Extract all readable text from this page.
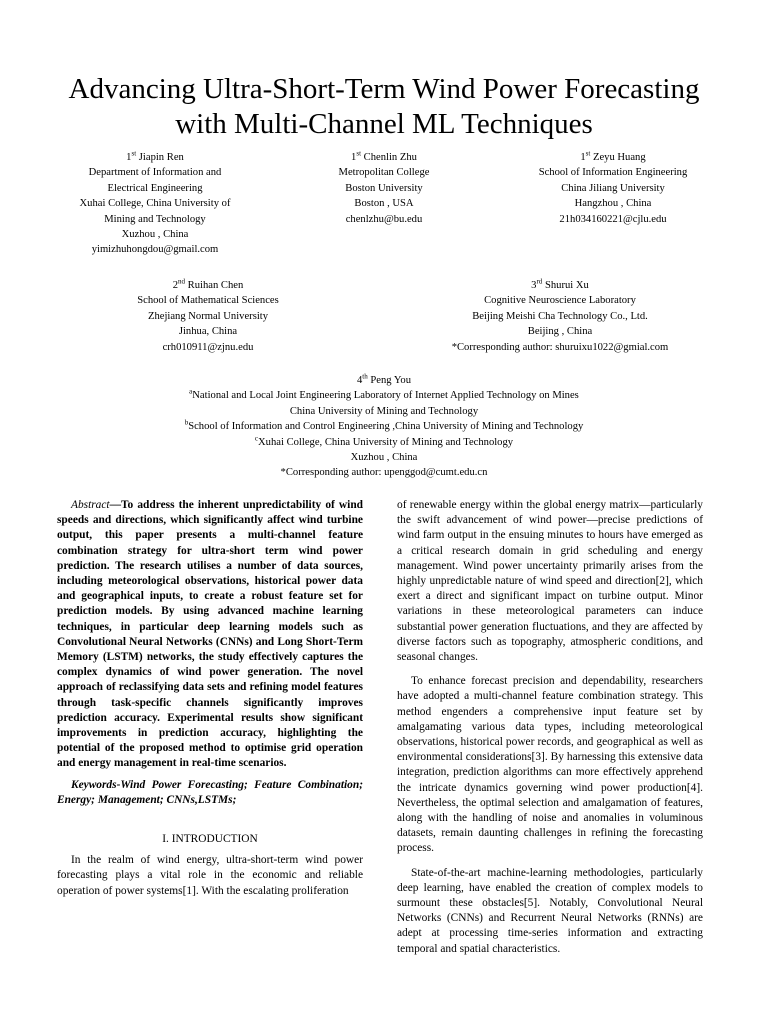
Advancing Ultra-Short-Term Wind Power Forecasting
with Multi-Channel ML Techniques
1st Jiapin Ren
Department of Information and
Electrical Engineering
Xuhai College, China University of
Mining and Technology
Xuzhou , China
yimizhuhongdou@gmail.com
1st Chenlin Zhu
Metropolitan College
Boston University
Boston , USA
chenlzhu@bu.edu
1st Zeyu Huang
School of Information Engineering
China Jiliang University
Hangzhou , China
21h034160221@cjlu.edu
2nd Ruihan Chen
School of Mathematical Sciences
Zhejiang Normal University
Jinhua, China
crh010911@zjnu.edu
3rd Shurui Xu
Cognitive Neuroscience Laboratory
Beijing Meishi Cha Technology Co., Ltd.
Beijing , China
*Corresponding author: shuruixu1022@gmial.com
4th Peng You
$^a$National and Local Joint Engineering Laboratory of Internet Applied Technology on Mines
China University of Mining and Technology
$^b$School of Information and Control Engineering ,China University of Mining and Technology
$^c$Xuhai College, China University of Mining and Technology
Xuzhou , China
*Corresponding author: upenggod@cumt.edu.cn

Abstract—To address the inherent unpredictability of wind speeds and directions, which significantly affect wind turbine output, this paper presents a multi-channel feature combination strategy for ultra-short term wind power prediction. The research utilises a number of data sources, including meteorological observations, historical power data and geographical inputs, to create a robust feature set for prediction models. By using advanced machine learning techniques, in particular deep learning models such as Convolutional Neural Networks (CNNs) and Long Short-Term Memory (LSTM) networks, the study effectively captures the complex dynamics of wind power generation. The novel approach of reclassifying data sets and refining model features through task-specific channels significantly improves prediction accuracy. Experimental results show significant improvements in prediction accuracy, highlighting the potential of the proposed method to optimise grid operation and energy management in real-time scenarios.

Keywords-Wind Power Forecasting; Feature Combination; Energy; Management; CNNs,LSTMs;

I. INTRODUCTION

In the realm of wind energy, ultra-short-term wind power forecasting plays a vital role in the economic and reliable operation of power systems[1]. With the escalating proliferation

of renewable energy within the global energy matrix—particularly the swift advancement of wind power—precise predictions of wind farm output in the ensuing minutes to hours have emerged as a critical research domain in grid scheduling and energy management. Wind power uncertainty primarily arises from the highly unpredictable nature of wind speed and direction[2], which exert a direct and significant impact on turbine output. Minor variations in these meteorological parameters can induce substantial power generation fluctuations, and they are affected by diverse factors such as topography, atmospheric conditions, and seasonal changes.

To enhance forecast precision and dependability, researchers have adopted a multi-channel feature combination strategy. This method engenders a comprehensive input feature set by amalgamating various data types, including meteorological observations, historical power records, and geographical as well as environmental considerations[3]. By harnessing this extensive data integration, prediction algorithms can more effectively apprehend the intricate dynamics governing wind power production[4]. Nevertheless, the optimal selection and amalgamation of features, along with the handling of noise and anomalies in voluminous datasets, remain daunting challenges in refining the forecasting process.

State-of-the-art machine-learning methodologies, particularly deep learning, have enabled the creation of complex models to surmount these obstacles[5]. Notably, Convolutional Neural Networks (CNNs) and Recurrent Neural Networks (RNNs) are adept at processing time-series information and extracting temporal and spatial characteristics.
